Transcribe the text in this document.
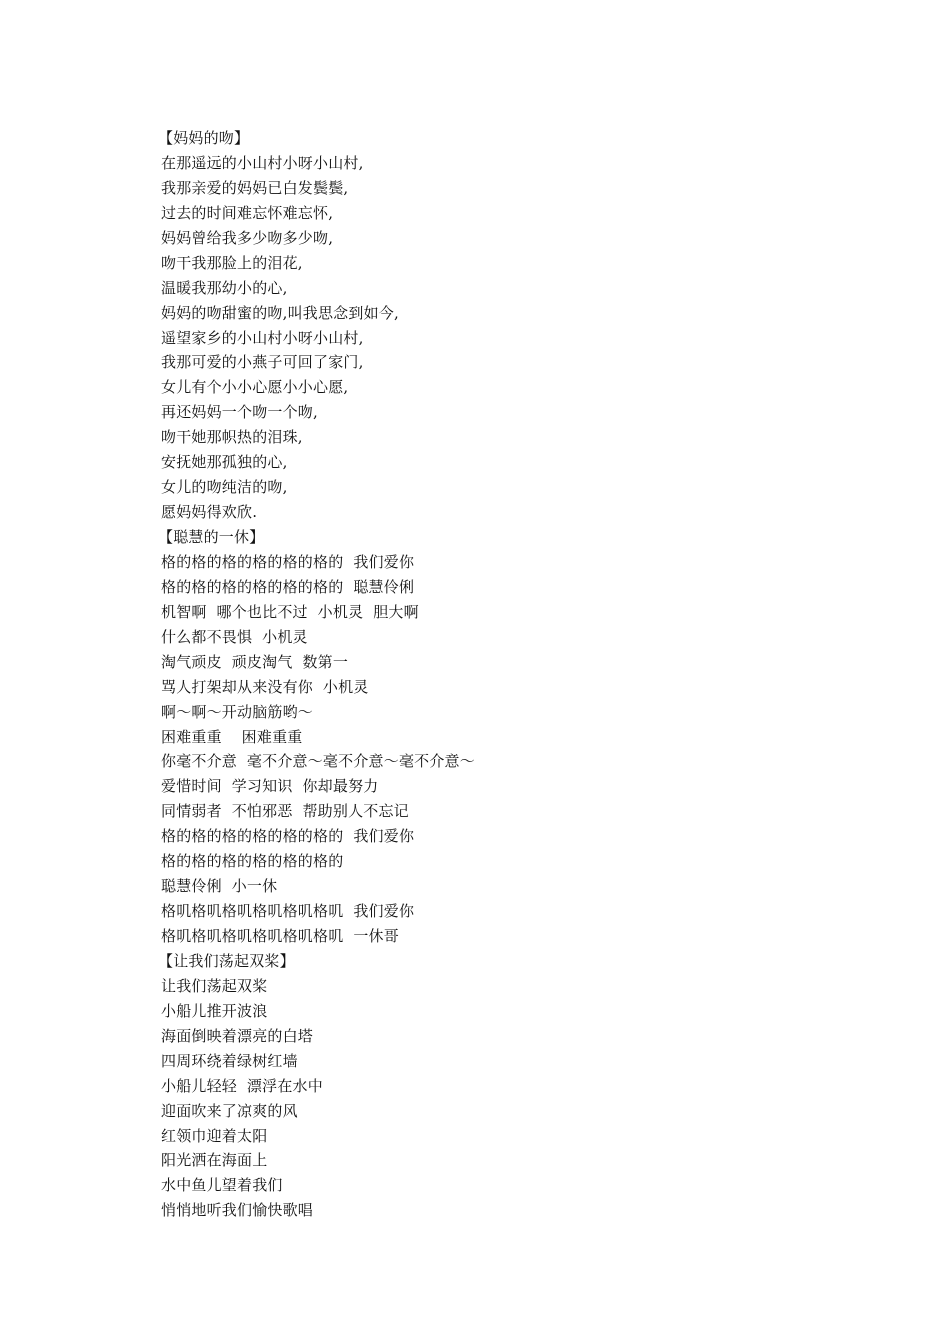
【妈妈的吻】
在那遥远的小山村小呀小山村,
我那亲爱的妈妈已白发鬓鬓,
过去的时间难忘怀难忘怀,
妈妈曾给我多少吻多少吻,
吻干我那脸上的泪花,
温暖我那幼小的心,
妈妈的吻甜蜜的吻,叫我思念到如今,
遥望家乡的小山村小呀小山村,
我那可爱的小燕子可回了家门,
女儿有个小小心愿小小心愿,
再还妈妈一个吻一个吻,
吻干她那帜热的泪珠,
安抚她那孤独的心,
女儿的吻纯洁的吻,
愿妈妈得欢欣.
【聪慧的一休】
格的格的格的格的格的格的  我们爱你
格的格的格的格的格的格的  聪慧伶俐
机智啊  哪个也比不过  小机灵  胆大啊
什么都不畏惧  小机灵
淘气顽皮  顽皮淘气  数第一
骂人打架却从来没有你  小机灵
啊～啊～开动脑筋哟～
困难重重    困难重重
你毫不介意  毫不介意～毫不介意～毫不介意～
爱惜时间  学习知识  你却最努力
同情弱者  不怕邪恶  帮助别人不忘记
格的格的格的格的格的格的  我们爱你
格的格的格的格的格的格的
聪慧伶俐  小一休
格叽格叽格叽格叽格叽格叽  我们爱你
格叽格叽格叽格叽格叽格叽  一休哥
【让我们荡起双桨】
让我们荡起双桨
小船儿推开波浪
海面倒映着漂亮的白塔
四周环绕着绿树红墙
小船儿轻轻  漂浮在水中
迎面吹来了凉爽的风
红领巾迎着太阳
阳光洒在海面上
水中鱼儿望着我们
悄悄地听我们愉快歌唱
